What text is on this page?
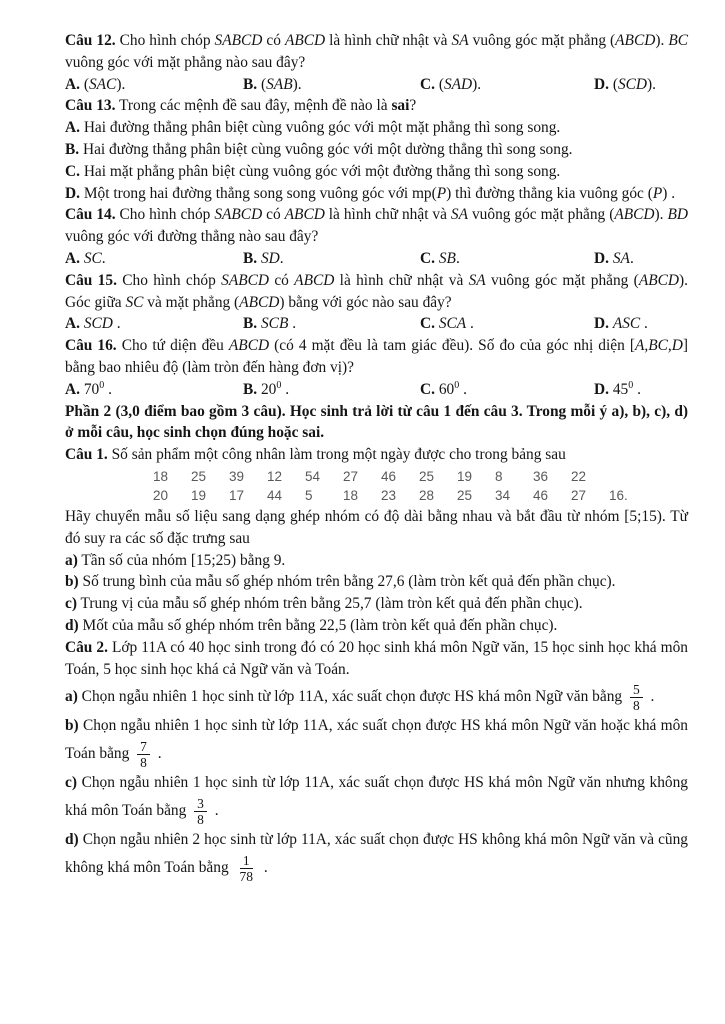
Câu 12. Cho hình chóp SABCD có ABCD là hình chữ nhật và SA vuông góc mặt phẳng (ABCD). BC vuông góc với mặt phẳng nào sau đây?

A. (SAC).	B. (SAB).	C. (SAD).	D. (SCD).

Câu 13. Trong các mệnh đề sau đây, mệnh đề nào là sai?

A. Hai đường thẳng phân biệt cùng vuông góc với một mặt phẳng thì song song.

B. Hai đường thẳng phân biệt cùng vuông góc với một dường thẳng thì song song.

C. Hai mặt phẳng phân biệt cùng vuông góc với một đường thẳng thì song song.

D. Một trong hai đường thẳng song song vuông góc với mp(P) thì đường thẳng kia vuông góc (P) .

Câu 14. Cho hình chóp SABCD có ABCD là hình chữ nhật và SA vuông góc mặt phẳng (ABCD). BD vuông góc với đường thẳng nào sau đây?

A. SC.	B. SD.	C. SB.	D. SA.

Câu 15. Cho hình chóp SABCD có ABCD là hình chữ nhật và SA vuông góc mặt phẳng (ABCD). Góc giữa SC và mặt phẳng (ABCD) bằng với góc nào sau đây?

A. SCD .	B. SCB .	C. SCA .	D. ASC .

Câu 16. Cho tứ diện đều ABCD (có 4 mặt đều là tam giác đều). Số đo của góc nhị diện [A,BC,D] bằng bao nhiêu độ (làm tròn đến hàng đơn vị)?

A. $70^0$ .	B. $20^0$ .	C. $60^0$ .	D. $45^0$ .

Phần 2 (3,0 điểm bao gồm 3 câu). Học sinh trả lời từ câu 1 đến câu 3. Trong mỗi ý a), b), c), d) ở mỗi câu, học sinh chọn đúng hoặc sai.

Câu 1. Số sản phẩm một công nhân làm trong một ngày được cho trong bảng sau

18	25	39	12	54	27	46	25	19	8	36	22
20	19	17	44	5	18	23	28	25	34	46	27	16.

Hãy chuyển mẫu số liệu sang dạng ghép nhóm có độ dài bằng nhau và bắt đầu từ nhóm [5;15). Từ đó suy ra các số đặc trưng sau

a) Tần số của nhóm [15;25) bằng 9.

b) Số trung bình của mẫu số ghép nhóm trên bằng 27,6 (làm tròn kết quả đến phần chục).

c) Trung vị của mẫu số ghép nhóm trên bằng 25,7 (làm tròn kết quả đến phần chục).

d) Mốt của mẫu số ghép nhóm trên bằng 22,5 (làm tròn kết quả đến phần chục).

Câu 2. Lớp 11A có 40 học sinh trong đó có 20 học sinh khá môn Ngữ văn, 15 học sinh học khá môn Toán, 5 học sinh học khá cả Ngữ văn và Toán.

a) Chọn ngẫu nhiên 1 học sinh từ lớp 11A, xác suất chọn được HS khá môn Ngữ văn bằng $\frac{5}{8}$ .

b) Chọn ngẫu nhiên 1 học sinh từ lớp 11A, xác suất chọn được HS khá môn Ngữ văn hoặc khá môn Toán bằng $\frac{7}{8}$ .

c) Chọn ngẫu nhiên 1 học sinh từ lớp 11A, xác suất chọn được HS khá môn Ngữ văn nhưng không khá môn Toán bằng $\frac{3}{8}$ .

d) Chọn ngẫu nhiên 2 học sinh từ lớp 11A, xác suất chọn được HS không khá môn Ngữ văn và cũng không khá môn Toán bằng $\frac{1}{78}$ .
